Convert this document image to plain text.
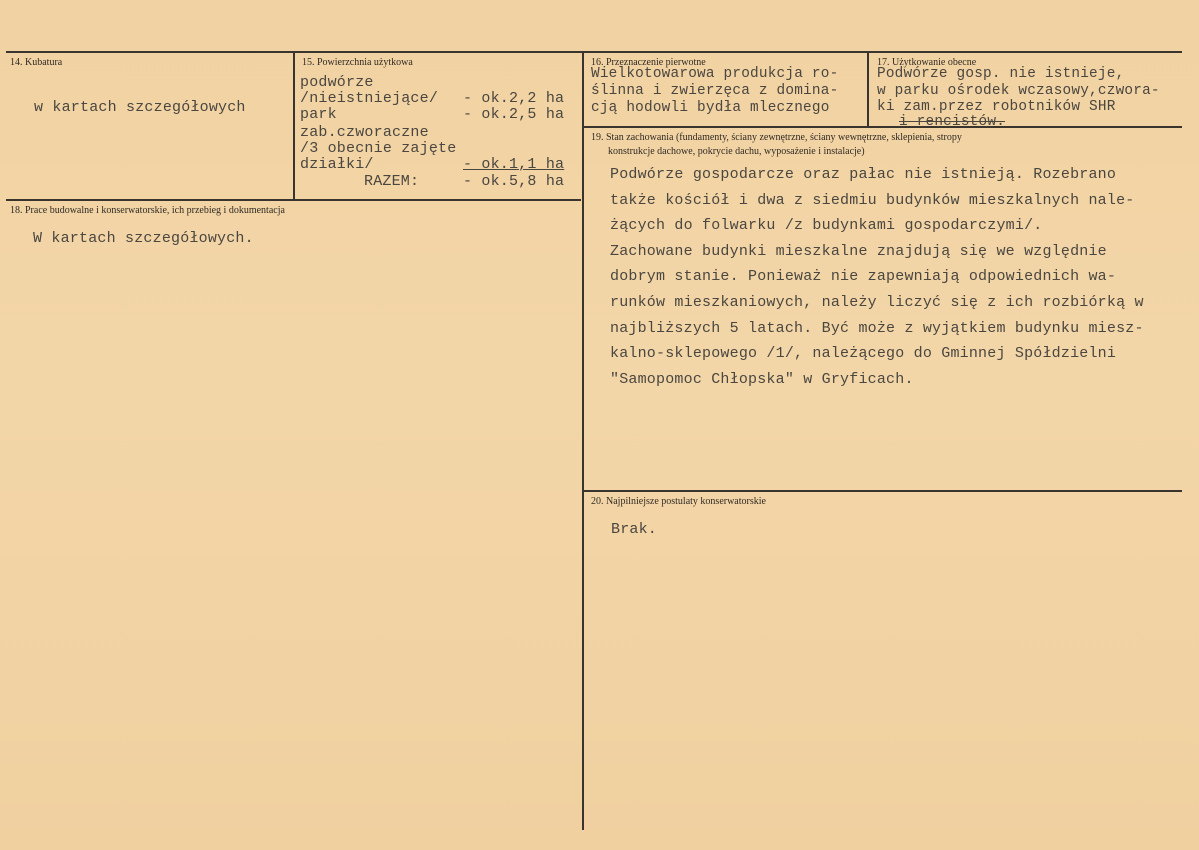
14. Kubatura
w kartach szczegółowych
15. Powierzchnia użytkowa
podwórze
/nieistniejące/ - ok.2,2 ha
park	- ok.2,5 ha
zab.czworaczne
/3 obecnie zajęte
działki/	- ok.1,1 ha
RAZEM:	- ok.5,8 ha
16. Przeznaczenie pierwotne
Wielkotowarowa produkcja ro-
ślinna i zwierzęca z domina-
cją hodowli bydła mlecznego
17. Użytkowanie obecne
Podwórze gosp. nie istnieje,
w parku ośrodek wczasowy,czwora-
ki zam.przez robotników SHR
i rencistów.
18. Prace budowalne i konserwatorskie, ich przebieg i dokumentacja
W kartach szczegółowych.
19. Stan zachowania (fundamenty, ściany zewnętrzne, ściany wewnętrzne, sklepienia, stropy
konstrukcje dachowe, pokrycie dachu, wyposażenie i instalacje)
Podwórze gospodarcze oraz pałac nie istnieją. Rozebrano
także kościół i dwa z siedmiu budynków mieszkalnych nale-
żących do folwarku /z budynkami gospodarczymi/.
Zachowane budynki mieszkalne znajdują się we względnie
dobrym stanie. Ponieważ nie zapewniają odpowiednich wa-
runków mieszkaniowych, należy liczyć się z ich rozbiórką w
najbliższych 5 latach. Być może z wyjątkiem budynku miesz-
kalno-sklepowego /1/, należącego do Gminnej Spółdzielni
"Samopomoc Chłopska" w Gryficach.
20. Najpilniejsze postulaty konserwatorskie
Brak.
